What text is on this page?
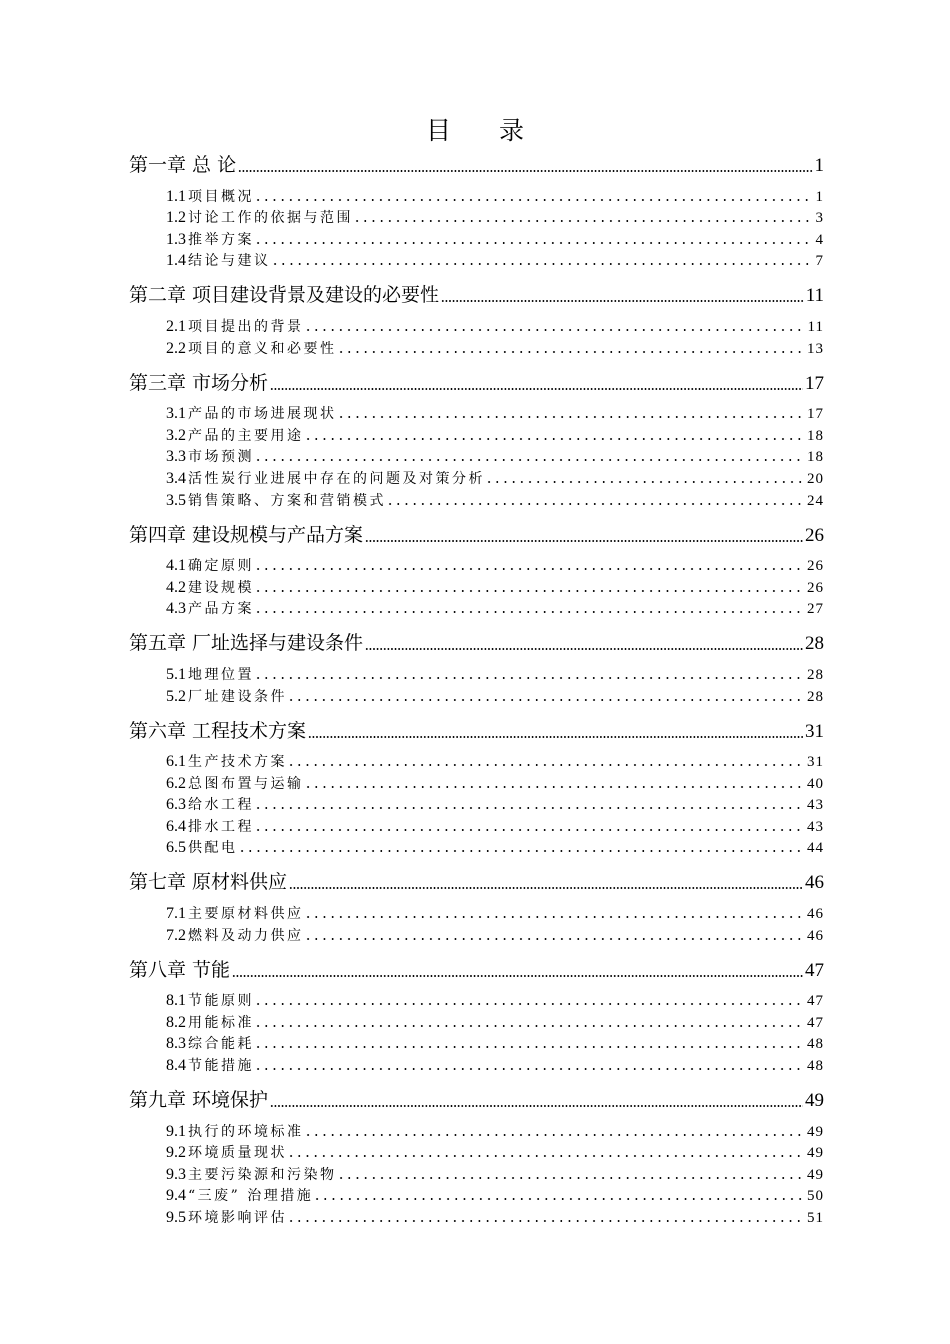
目 录
第一章 总 论	1
1.1 项目概况	1
1.2 讨论工作的依据与范围	3
1.3 推举方案	4
1.4 结论与建议	7
第二章 项目建设背景及建设的必要性	11
2.1 项目提出的背景	11
2.2 项目的意义和必要性	13
第三章 市场分析	17
3.1 产品的市场进展现状	17
3.2 产品的主要用途	18
3.3 市场预测	18
3.4 活性炭行业进展中存在的问题及对策分析	20
3.5 销售策略、方案和营销模式	24
第四章 建设规模与产品方案	26
4.1 确定原则	26
4.2 建设规模	26
4.3 产品方案	27
第五章 厂址选择与建设条件	28
5.1 地理位置	28
5.2 厂址建设条件	28
第六章 工程技术方案	31
6.1 生产技术方案	31
6.2 总图布置与运输	40
6.3 给水工程	43
6.4 排水工程	43
6.5 供配电	44
第七章 原材料供应	46
7.1 主要原材料供应	46
7.2 燃料及动力供应	46
第八章 节能	47
8.1 节能原则	47
8.2 用能标准	47
8.3 综合能耗	48
8.4 节能措施	48
第九章 环境保护	49
9.1 执行的环境标准	49
9.2 环境质量现状	49
9.3 主要污染源和污染物	49
9.4 “三废” 治理措施	50
9.5 环境影响评估	51
